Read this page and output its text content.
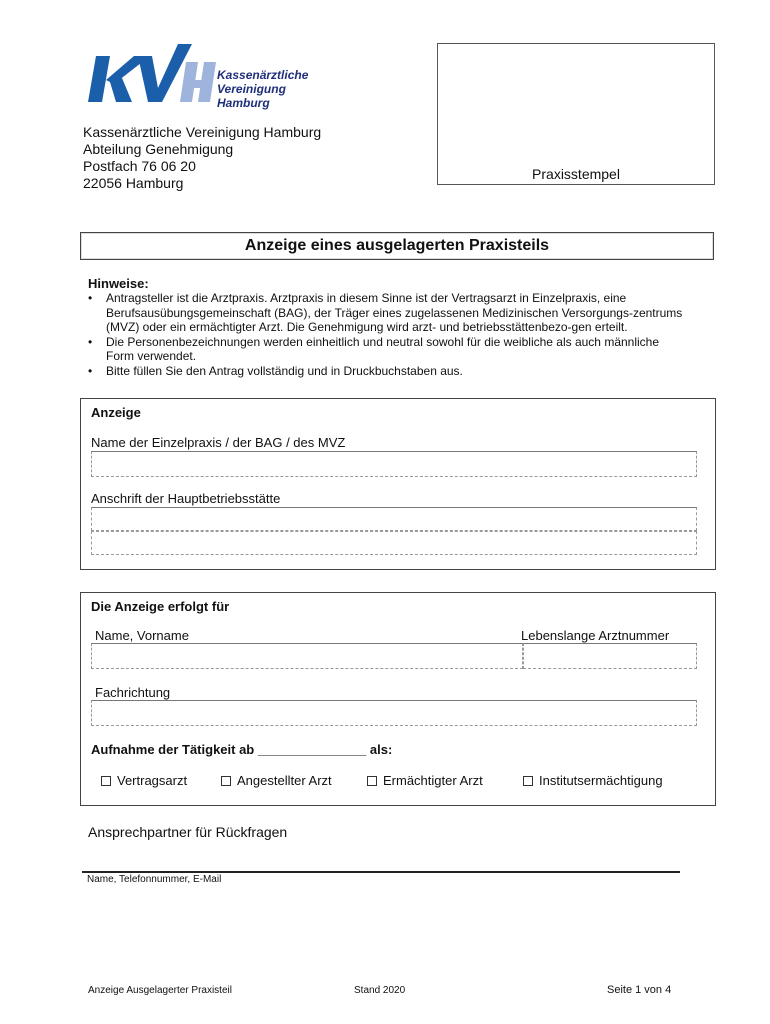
Kassenärztliche
Vereinigung
Hamburg
Kassenärztliche Vereinigung Hamburg
Abteilung Genehmigung
Postfach 76 06 20
22056 Hamburg
Praxisstempel
Anzeige eines ausgelagerten Praxisteils
Hinweise:
• Antragsteller ist die Arztpraxis. Arztpraxis in diesem Sinne ist der Vertragsarzt in Einzelpraxis, eine Berufsausübungsgemeinschaft (BAG), der Träger eines zugelassenen Medizinischen Versorgungs-zentrums (MVZ) oder ein ermächtigter Arzt. Die Genehmigung wird arzt- und betriebsstättenbezo-gen erteilt.
• Die Personenbezeichnungen werden einheitlich und neutral sowohl für die weibliche als auch männliche Form verwendet.
• Bitte füllen Sie den Antrag vollständig und in Druckbuchstaben aus.
Anzeige
Name der Einzelpraxis / der BAG / des MVZ
Anschrift der Hauptbetriebsstätte
Die Anzeige erfolgt für
Name, Vorname	Lebenslange Arztnummer
Fachrichtung
Aufnahme der Tätigkeit ab _______________ als:
Vertragsarzt	Angestellter Arzt	Ermächtigter Arzt	Institutsermächtigung
Ansprechpartner für Rückfragen
Name, Telefonnummer, E-Mail
Anzeige Ausgelagerter Praxisteil	Stand 2020	Seite 1 von 4
